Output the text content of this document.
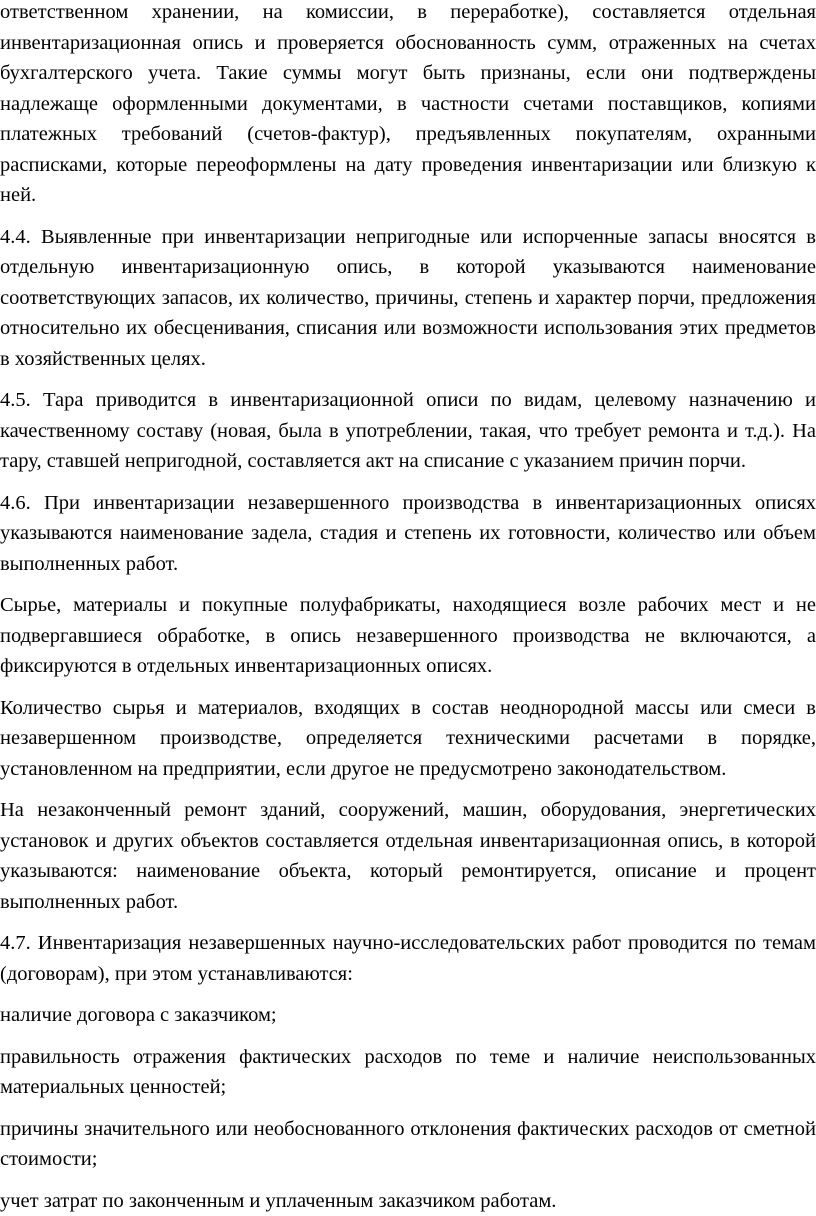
ответственном хранении, на комиссии, в переработке), составляется отдельная инвентаризационная опись и проверяется обоснованность сумм, отраженных на счетах бухгалтерского учета. Такие суммы могут быть признаны, если они подтверждены надлежаще оформленными документами, в частности счетами поставщиков, копиями платежных требований (счетов-фактур), предъявленных покупателям, охранными расписками, которые переоформлены на дату проведения инвентаризации или близкую к ней.

4.4. Выявленные при инвентаризации непригодные или испорченные запасы вносятся в отдельную инвентаризационную опись, в которой указываются наименование соответствующих запасов, их количество, причины, степень и характер порчи, предложения относительно их обесценивания, списания или возможности использования этих предметов в хозяйственных целях.

4.5. Тара приводится в инвентаризационной описи по видам, целевому назначению и качественному составу (новая, была в употреблении, такая, что требует ремонта и т.д.). На тару, ставшей непригодной, составляется акт на списание с указанием причин порчи.

4.6. При инвентаризации незавершенного производства в инвентаризационных описях указываются наименование задела, стадия и степень их готовности, количество или объем выполненных работ.

Сырье, материалы и покупные полуфабрикаты, находящиеся возле рабочих мест и не подвергавшиеся обработке, в опись незавершенного производства не включаются, а фиксируются в отдельных инвентаризационных описях.

Количество сырья и материалов, входящих в состав неоднородной массы или смеси в незавершенном производстве, определяется техническими расчетами в порядке, установленном на предприятии, если другое не предусмотрено законодательством.

На незаконченный ремонт зданий, сооружений, машин, оборудования, энергетических установок и других объектов составляется отдельная инвентаризационная опись, в которой указываются: наименование объекта, который ремонтируется, описание и процент выполненных работ.

4.7. Инвентаризация незавершенных научно-исследовательских работ проводится по темам (договорам), при этом устанавливаются:

наличие договора с заказчиком;

правильность отражения фактических расходов по теме и наличие неиспользованных материальных ценностей;

причины значительного или необоснованного отклонения фактических расходов от сметной стоимости;

учет затрат по законченным и уплаченным заказчиком работам.
